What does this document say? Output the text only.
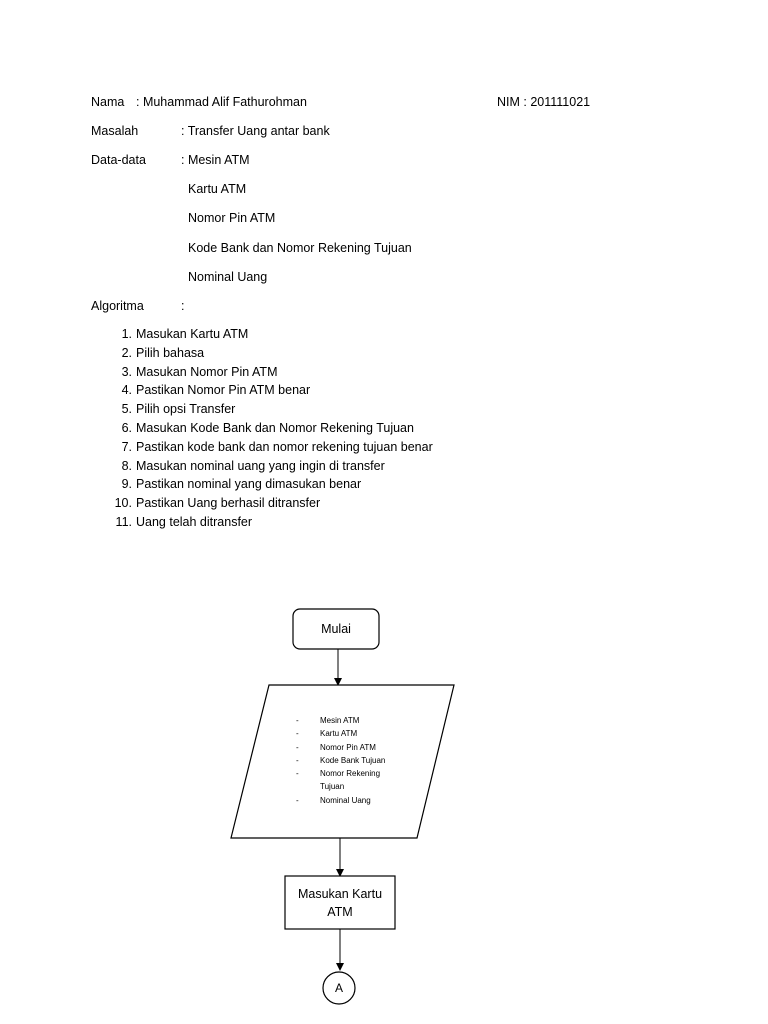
Nama : Muhammad Alif Fathurohman	NIM : 201111021
Masalah	: Transfer Uang antar bank
Data-data	: Mesin ATM
Kartu ATM
Nomor Pin ATM
Kode Bank dan Nomor Rekening Tujuan
Nominal Uang
Algoritma	:
1. Masukan Kartu ATM
2. Pilih bahasa
3. Masukan Nomor Pin ATM
4. Pastikan Nomor Pin ATM benar
5. Pilih opsi Transfer
6. Masukan Kode Bank dan Nomor Rekening Tujuan
7. Pastikan kode bank dan nomor rekening tujuan benar
8. Masukan nominal uang yang ingin di transfer
9. Pastikan nominal yang dimasukan benar
10. Pastikan Uang berhasil ditransfer
11. Uang telah ditransfer
Mulai
-	Mesin ATM
-	Kartu ATM
-	Nomor Pin ATM
-	Kode Bank Tujuan
-	Nomor Rekening Tujuan
-	Nominal Uang
Masukan Kartu ATM
A
